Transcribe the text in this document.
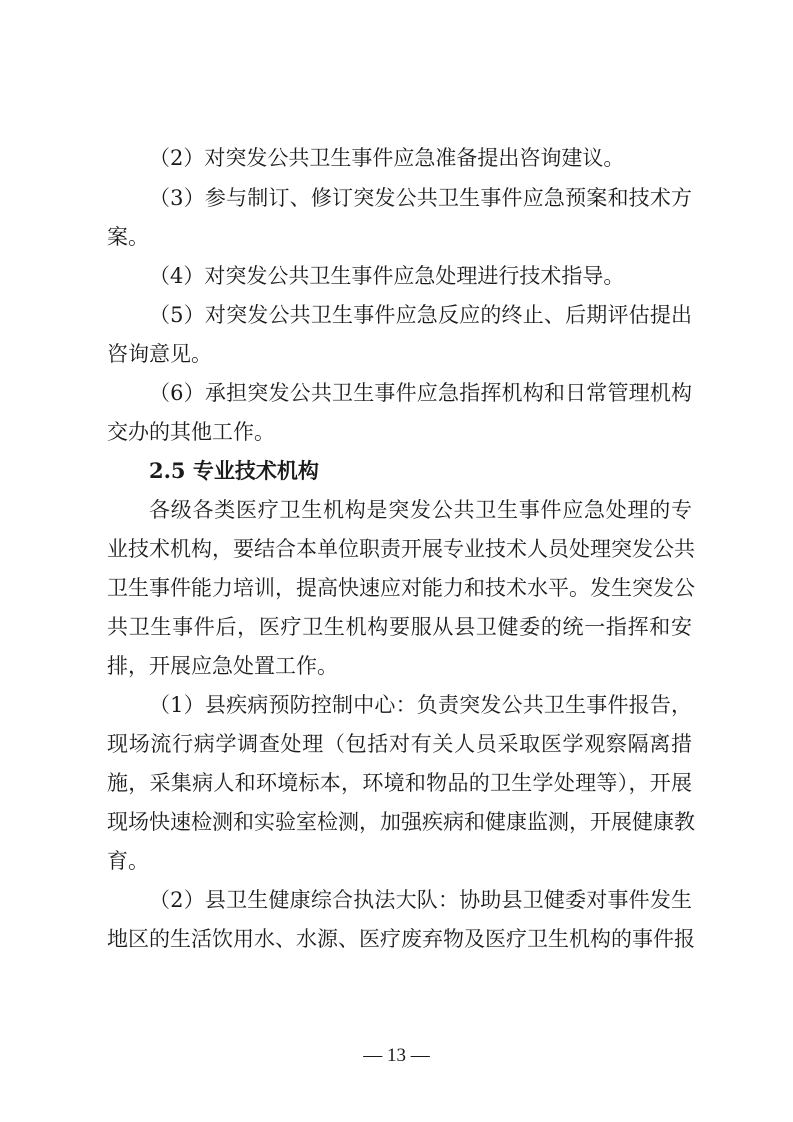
（2）对突发公共卫生事件应急准备提出咨询建议。
（3）参与制订、修订突发公共卫生事件应急预案和技术方
案。
（4）对突发公共卫生事件应急处理进行技术指导。
（5）对突发公共卫生事件应急反应的终止、后期评估提出
咨询意见。
（6）承担突发公共卫生事件应急指挥机构和日常管理机构
交办的其他工作。
2.5 专业技术机构
各级各类医疗卫生机构是突发公共卫生事件应急处理的专
业技术机构，要结合本单位职责开展专业技术人员处理突发公共
卫生事件能力培训，提高快速应对能力和技术水平。发生突发公
共卫生事件后，医疗卫生机构要服从县卫健委的统一指挥和安
排，开展应急处置工作。
（1）县疾病预防控制中心：负责突发公共卫生事件报告，
现场流行病学调查处理（包括对有关人员采取医学观察隔离措
施，采集病人和环境标本，环境和物品的卫生学处理等），开展
现场快速检测和实验室检测，加强疾病和健康监测，开展健康教
育。
（2）县卫生健康综合执法大队：协助县卫健委对事件发生
地区的生活饮用水、水源、医疗废弃物及医疗卫生机构的事件报
— 13 —
